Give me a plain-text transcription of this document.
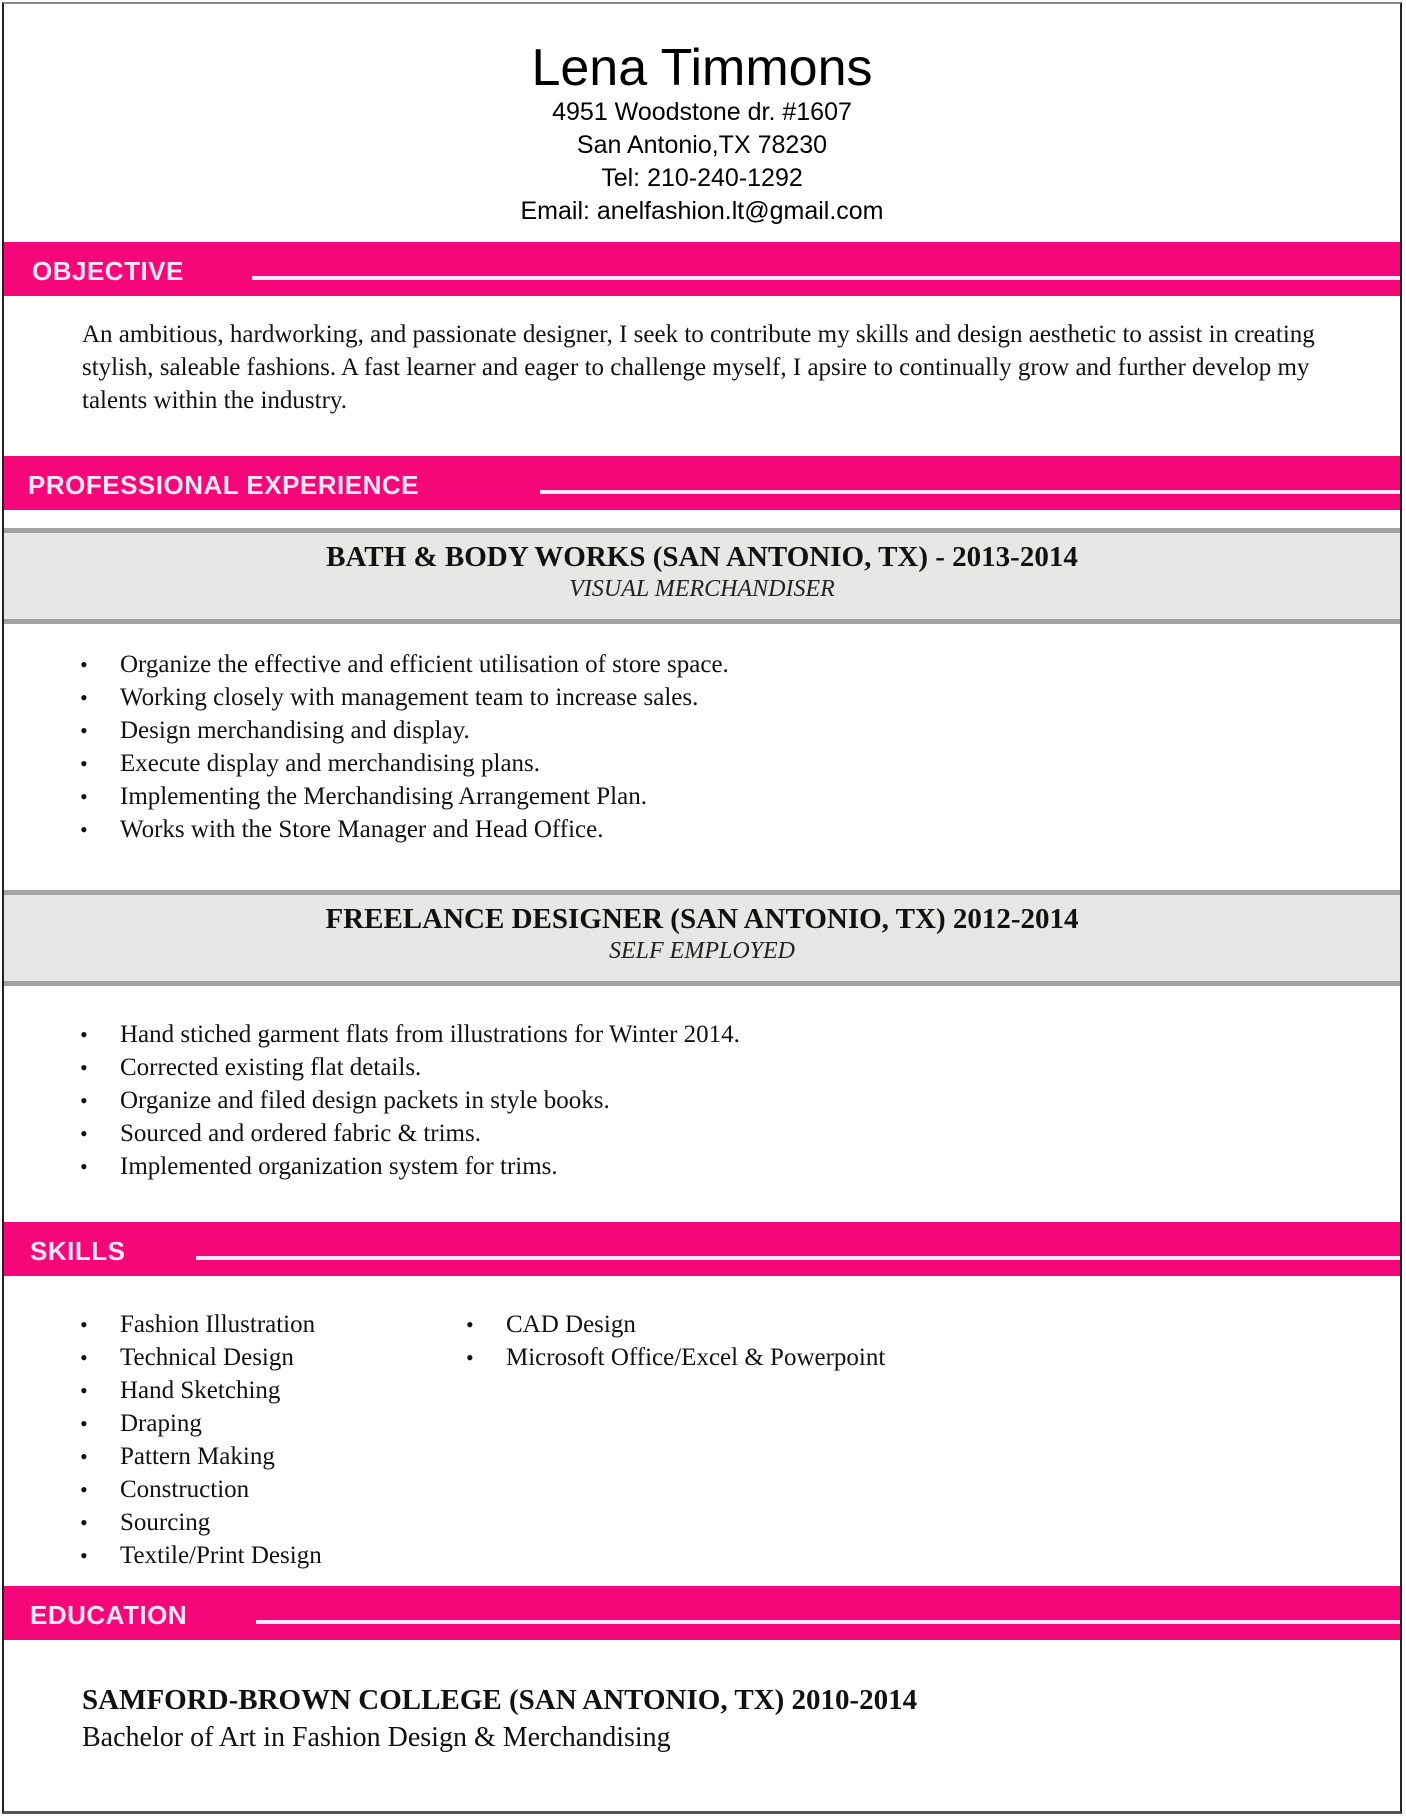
Lena Timmons
4951 Woodstone dr. #1607
San Antonio,TX 78230
Tel: 210-240-1292
Email: anelfashion.lt@gmail.com
OBJECTIVE
An ambitious, hardworking, and passionate designer, I seek to contribute my skills and design aesthetic to assist in creating stylish, saleable fashions. A fast learner and eager to challenge myself, I apsire to continually grow and further develop my talents within the industry.
PROFESSIONAL EXPERIENCE
BATH & BODY WORKS (SAN ANTONIO, TX) - 2013-2014
VISUAL MERCHANDISER
• Organize the effective and efficient utilisation of store space.
• Working closely with management team to increase sales.
• Design merchandising and display.
• Execute display and merchandising plans.
• Implementing the Merchandising Arrangement Plan.
• Works with the Store Manager and Head Office.
FREELANCE DESIGNER (SAN ANTONIO, TX) 2012-2014
SELF EMPLOYED
• Hand stiched garment flats from illustrations for Winter 2014.
• Corrected existing flat details.
• Organize and filed design packets in style books.
• Sourced and ordered fabric & trims.
• Implemented organization system for trims.
SKILLS
• Fashion Illustration
• Technical Design
• Hand Sketching
• Draping
• Pattern Making
• Construction
• Sourcing
• Textile/Print Design
• CAD Design
• Microsoft Office/Excel & Powerpoint
EDUCATION
SAMFORD-BROWN COLLEGE (SAN ANTONIO, TX) 2010-2014
Bachelor of Art in Fashion Design & Merchandising
